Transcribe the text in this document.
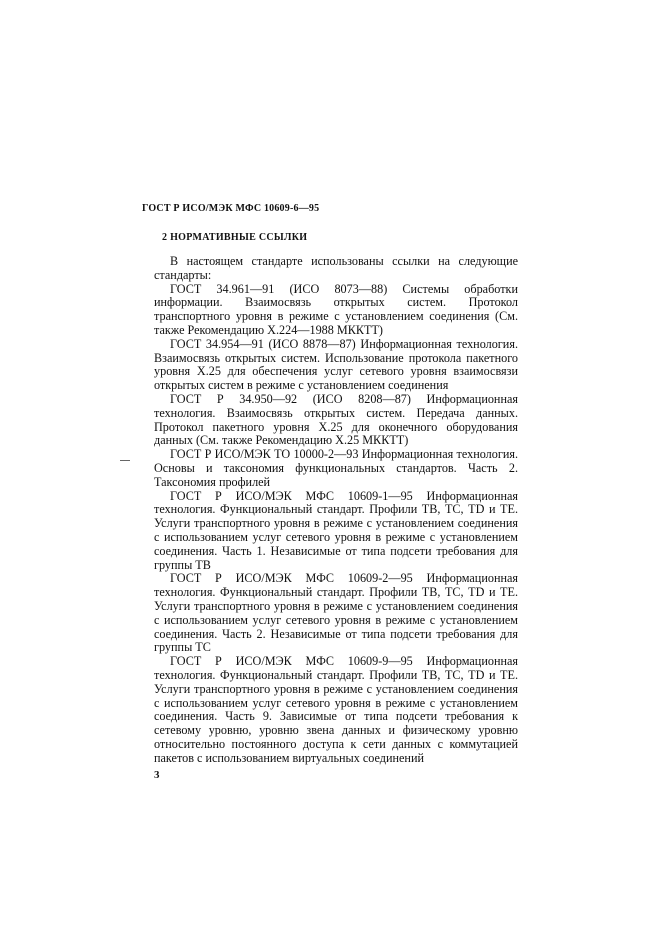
ГОСТ Р ИСО/МЭК МФС 10609-6—95
2 НОРМАТИВНЫЕ ССЫЛКИ

В настоящем стандарте использованы ссылки на следующие стандарты:

ГОСТ 34.961—91 (ИСО 8073—88) Системы обработки информации. Взаимосвязь открытых систем. Протокол транспортного уровня в режиме с установлением соединения (См. также Рекомендацию Х.224—1988 МККТТ)

ГОСТ 34.954—91 (ИСО 8878—87) Информационная технология. Взаимосвязь открытых систем. Использование протокола пакетного уровня Х.25 для обеспечения услуг сетевого уровня взаимосвязи открытых систем в режиме с установлением соединения

ГОСТ Р 34.950—92 (ИСО 8208—87) Информационная технология. Взаимосвязь открытых систем. Передача данных. Протокол пакетного уровня Х.25 для оконечного оборудования данных (См. также Рекомендацию Х.25 МККТТ)

ГОСТ Р ИСО/МЭК ТО 10000-2—93 Информационная технология. Основы и таксономия функциональных стандартов. Часть 2. Таксономия профилей

ГОСТ Р ИСО/МЭК МФС 10609-1—95 Информационная технология. Функциональный стандарт. Профили ТВ, ТС, TD и ТЕ. Услуги транспортного уровня в режиме с установлением соединения с использованием услуг сетевого уровня в режиме с установлением соединения. Часть 1. Независимые от типа подсети требования для группы ТВ

ГОСТ Р ИСО/МЭК МФС 10609-2—95 Информационная технология. Функциональный стандарт. Профили ТВ, ТС, TD и ТЕ. Услуги транспортного уровня в режиме с установлением соединения с использованием услуг сетевого уровня в режиме с установлением соединения. Часть 2. Независимые от типа подсети требования для группы ТС

ГОСТ Р ИСО/МЭК МФС 10609-9—95 Информационная технология. Функциональный стандарт. Профили ТВ, ТС, TD и ТЕ. Услуги транспортного уровня в режиме с установлением соединения с использованием услуг сетевого уровня в режиме с установлением соединения. Часть 9. Зависимые от типа подсети требования к сетевому уровню, уровню звена данных и физическому уровню относительно постоянного доступа к сети данных с коммутацией пакетов с использованием виртуальных соединений

3
